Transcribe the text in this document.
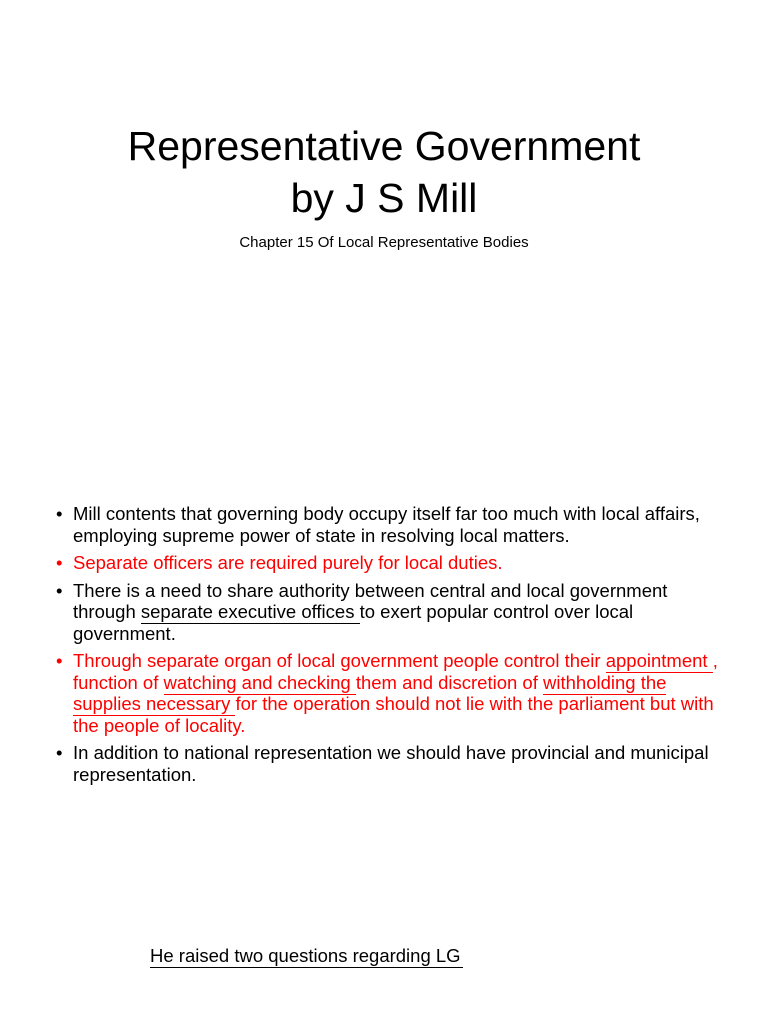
Representative Government
by J S Mill
Chapter 15 Of Local Representative Bodies
• Mill contents that governing body occupy itself far too much with local affairs, employing supreme power of state in resolving local matters.
• Separate officers are required purely for local duties.
• There is a need to share authority between central and local government through separate executive offices to exert popular control over local government.
• Through separate organ of local government people control their appointment , function of watching and checking them and discretion of withholding the supplies necessary for the operation should not lie with the parliament but with the people of locality.
• In addition to national representation we should have provincial and municipal representation.
He raised two questions regarding LG
